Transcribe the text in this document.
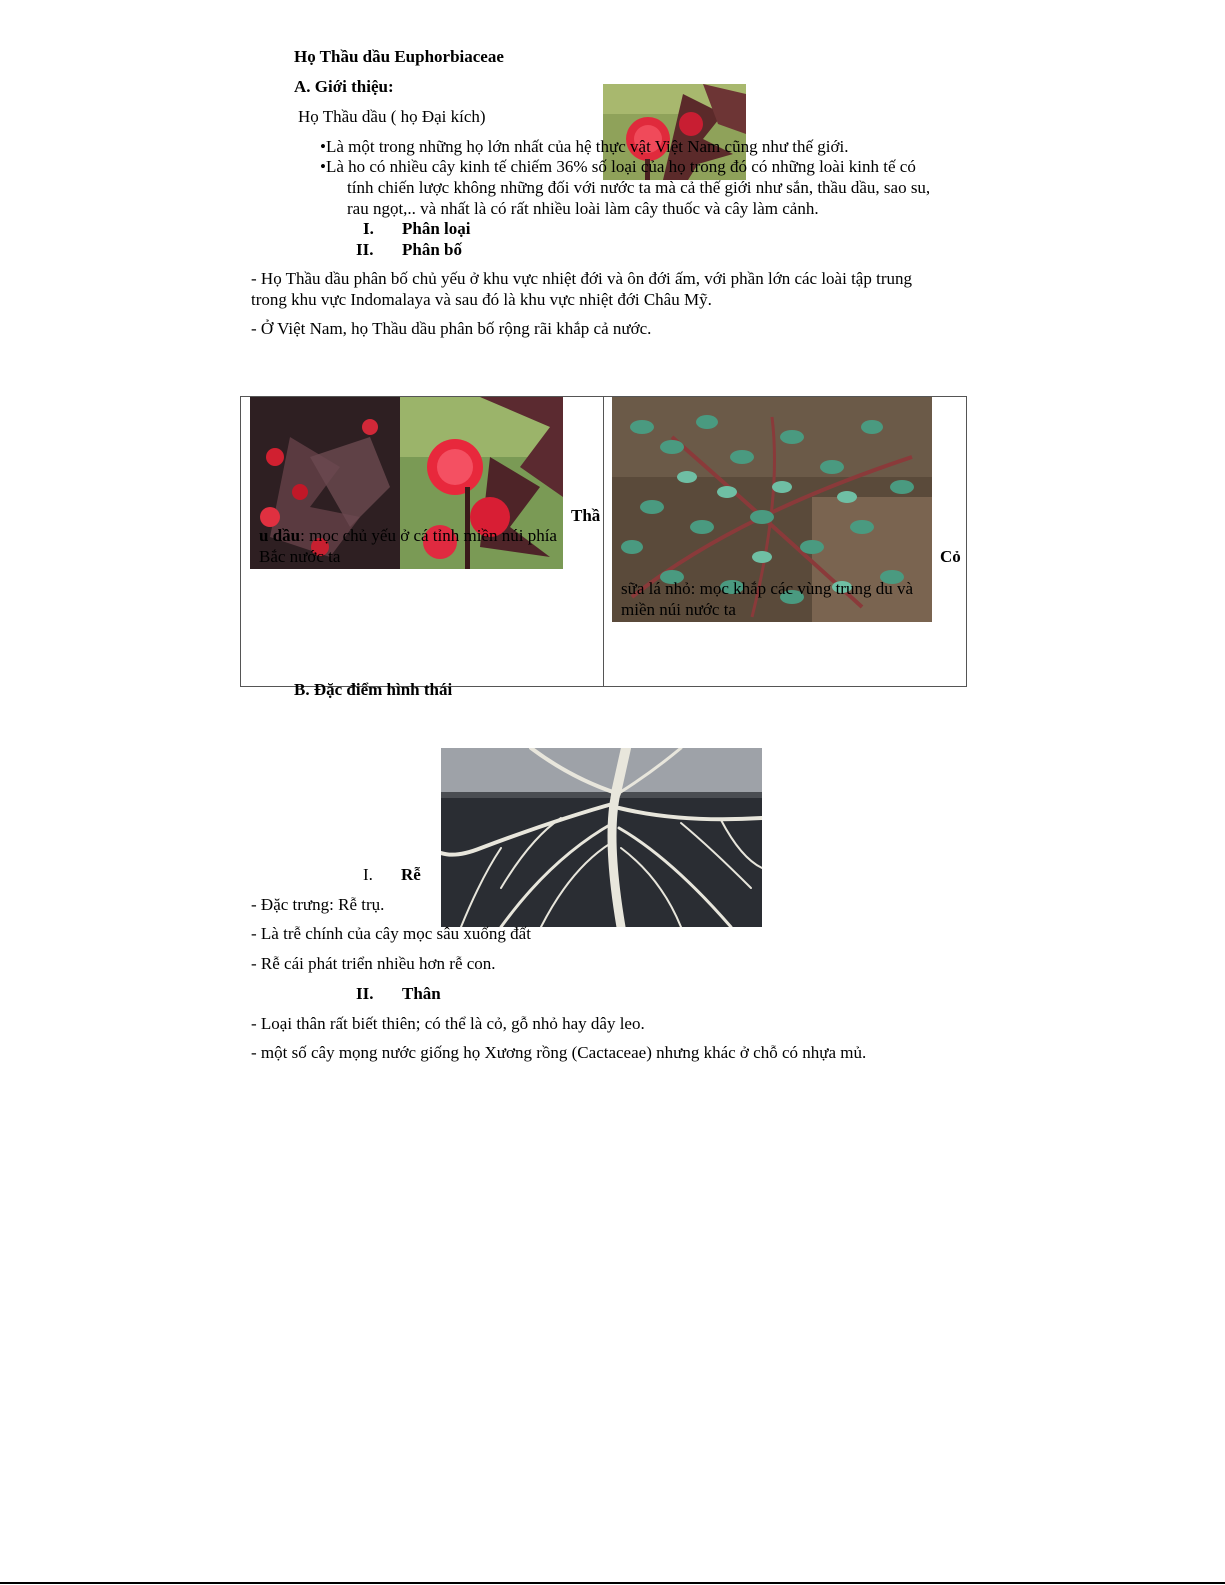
Họ Thầu dầu Euphorbiaceae
A. Giới thiệu:
Họ Thầu dầu ( họ Đại kích)
•Là một trong những họ lớn nhất của hệ thực vật Việt Nam cũng như thế giới.
•Là ho có nhiều cây kinh tế chiếm 36% số loại của họ trong đó có những loài kinh tế có
tính chiến lược không những đối với nước ta mà cả thế giới như sắn, thầu dầu, sao su,
rau ngọt,.. và nhất là có rất nhiều loài làm cây thuốc và cây làm cảnh.
I. Phân loại
II. Phân bố
- Họ Thầu dầu phân bố chủ yếu ở khu vực nhiệt đới và ôn đới ấm, với phần lớn các loài tập trung
trong khu vực Indomalaya và sau đó là khu vực nhiệt đới Châu Mỹ.
- Ở Việt Nam, họ Thầu dầu phân bố rộng rãi khắp cả nước.
Thầ
u dầu: mọc chủ yếu ở cá tỉnh miền núi phía
Bắc nước ta	Cỏ
sữa lá nhỏ: mọc khắp các vùng trung du và
miền núi nước ta
B. Đặc điểm hình thái
I. Rễ
- Đặc trưng: Rễ trụ.
- Là trễ chính của cây mọc sâu xuống đất
- Rễ cái phát triển nhiều hơn rễ con.
II. Thân
- Loại thân rất biết thiên; có thể là cỏ, gỗ nhỏ hay dây leo.
- một số cây mọng nước giống họ Xương rồng (Cactaceae) nhưng khác ở chỗ có nhựa mủ.
